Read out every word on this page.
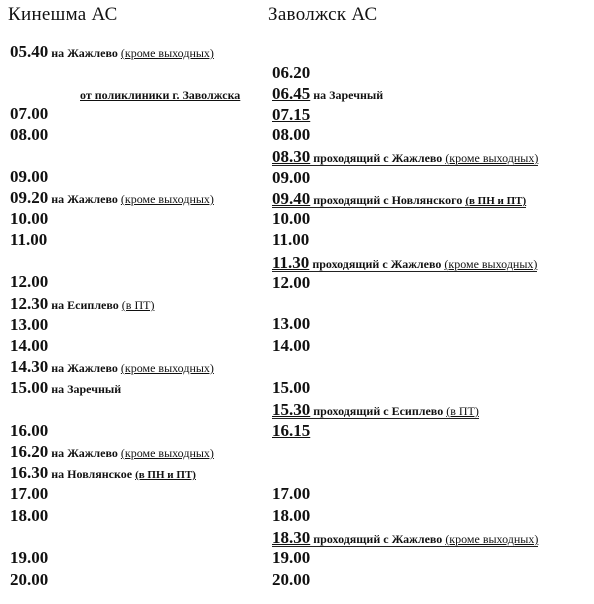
Кинешма АС	Заволжск АС
05.40 на Жажлево (кроме выходных)
07.00
08.00
09.00
09.20 на Жажлево (кроме выходных)
10.00
11.00
12.00
12.30 на Есиплево (в ПТ)
13.00
14.00
14.30 на Жажлево (кроме выходных)
15.00 на Заречный
16.00
16.20 на Жажлево (кроме выходных)
16.30 на Новлянское (в ПН и ПТ)
17.00
18.00
19.00
20.00
06.20
06.45 на Заречный
07.15
08.00
08.30 проходящий с Жажлево (кроме выходных)
09.00
09.40 проходящий с Новлянского (в ПН и ПТ)
10.00
11.00
11.30 проходящий с Жажлево (кроме выходных)
12.00
13.00
14.00
15.00
15.30 проходящий с Есиплево (в ПТ)
16.15
17.00
18.00
18.30 проходящий с Жажлево (кроме выходных)
19.00
20.00
от поликлиники г. Заволжска
